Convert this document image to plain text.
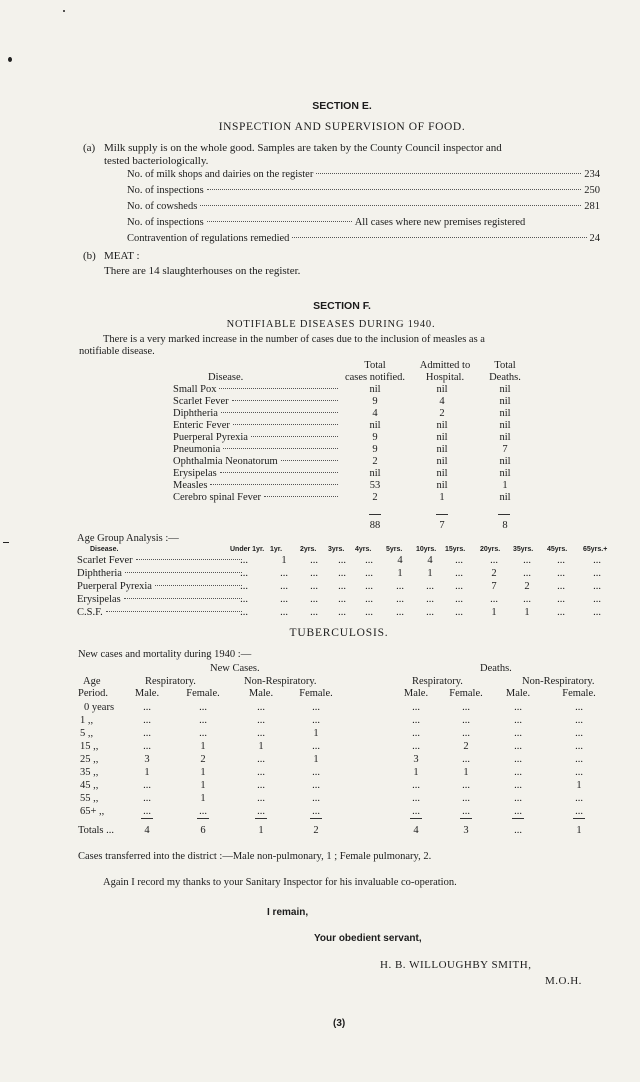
SECTION E.
INSPECTION AND SUPERVISION OF FOOD.
(a) Milk supply is on the whole good. Samples are taken by the County Council inspector and
tested bacteriologically.
No. of milk shops and dairies on the register	234
No. of inspections	250
No. of cowsheds	281
No. of inspections	All cases where new premises registered
Contravention of regulations remedied	24
(b) MEAT :
There are 14 slaughterhouses on the register.
SECTION F.
NOTIFIABLE DISEASES DURING 1940.
There is a very marked increase in the number of cases due to the inclusion of measles as a
notifiable disease.
Total	Admitted to	Total
Disease.	cases notified.	Hospital.	Deaths.
Small Pox	nil	nil	nil
Scarlet Fever	9	4	nil
Diphtheria	4	2	nil
Enteric Fever	nil	nil	nil
Puerperal Pyrexia	9	nil	nil
Pneumonia	9	nil	7
Ophthalmia Neonatorum	2	nil	nil
Erysipelas	nil	nil	nil
Measles	53	nil	1
Cerebro spinal Fever	2	1	nil
88	7	8
Age Group Analysis :—
Disease.	Under 1yr. 1yr.	2yrs. 3yrs. 4yrs. 5yrs. 10yrs. 15yrs. 20yrs. 35yrs. 45yrs. 65yrs.+
Scarlet Fever	...	1	...	...	...	4	4	...	...	...	...	...
Diphtheria	...	...	...	...	...	1	1	...	2	...	...	...
Puerperal Pyrexia	...	...	...	...	...	...	...	...	7	2	...	...
Erysipelas	...	...	...	...	...	...	...	...	...	...	...	...
C.S.F.	...	...	...	...	...	...	...	...	1	1	...	...
TUBERCULOSIS.
New cases and mortality during 1940 :—
New Cases.	Deaths.
Age	Respiratory.	Non-Respiratory.	Respiratory.	Non-Respiratory.
Period.	Male.	Female.	Male.	Female.	Male.	Female.	Male.	Female.
0 years	...	...	...	...	...	...	...	...
1 ,,	...	...	...	...	...	...	...	...
5 ,,	...	...	...	1	...	...	...	...
15 ,,	...	1	1	...	...	2	...	...
25 ,,	3	2	...	1	3	...	...	...
35 ,,	1	1	...	...	1	1	...	...
45 ,,	...	1	...	...	...	...	...	1
55 ,,	...	1	...	...	...	...	...	...
65+ ,,	...	...	...	...	...	...	...	...
Totals ...	4	6	1	2	4	3	...	1
Cases transferred into the district :—Male non-pulmonary, 1 ; Female pulmonary, 2.
Again I record my thanks to your Sanitary Inspector for his invaluable co-operation.
I remain,
Your obedient servant,
H. B. WILLOUGHBY SMITH,
M.O.H.
(3)
